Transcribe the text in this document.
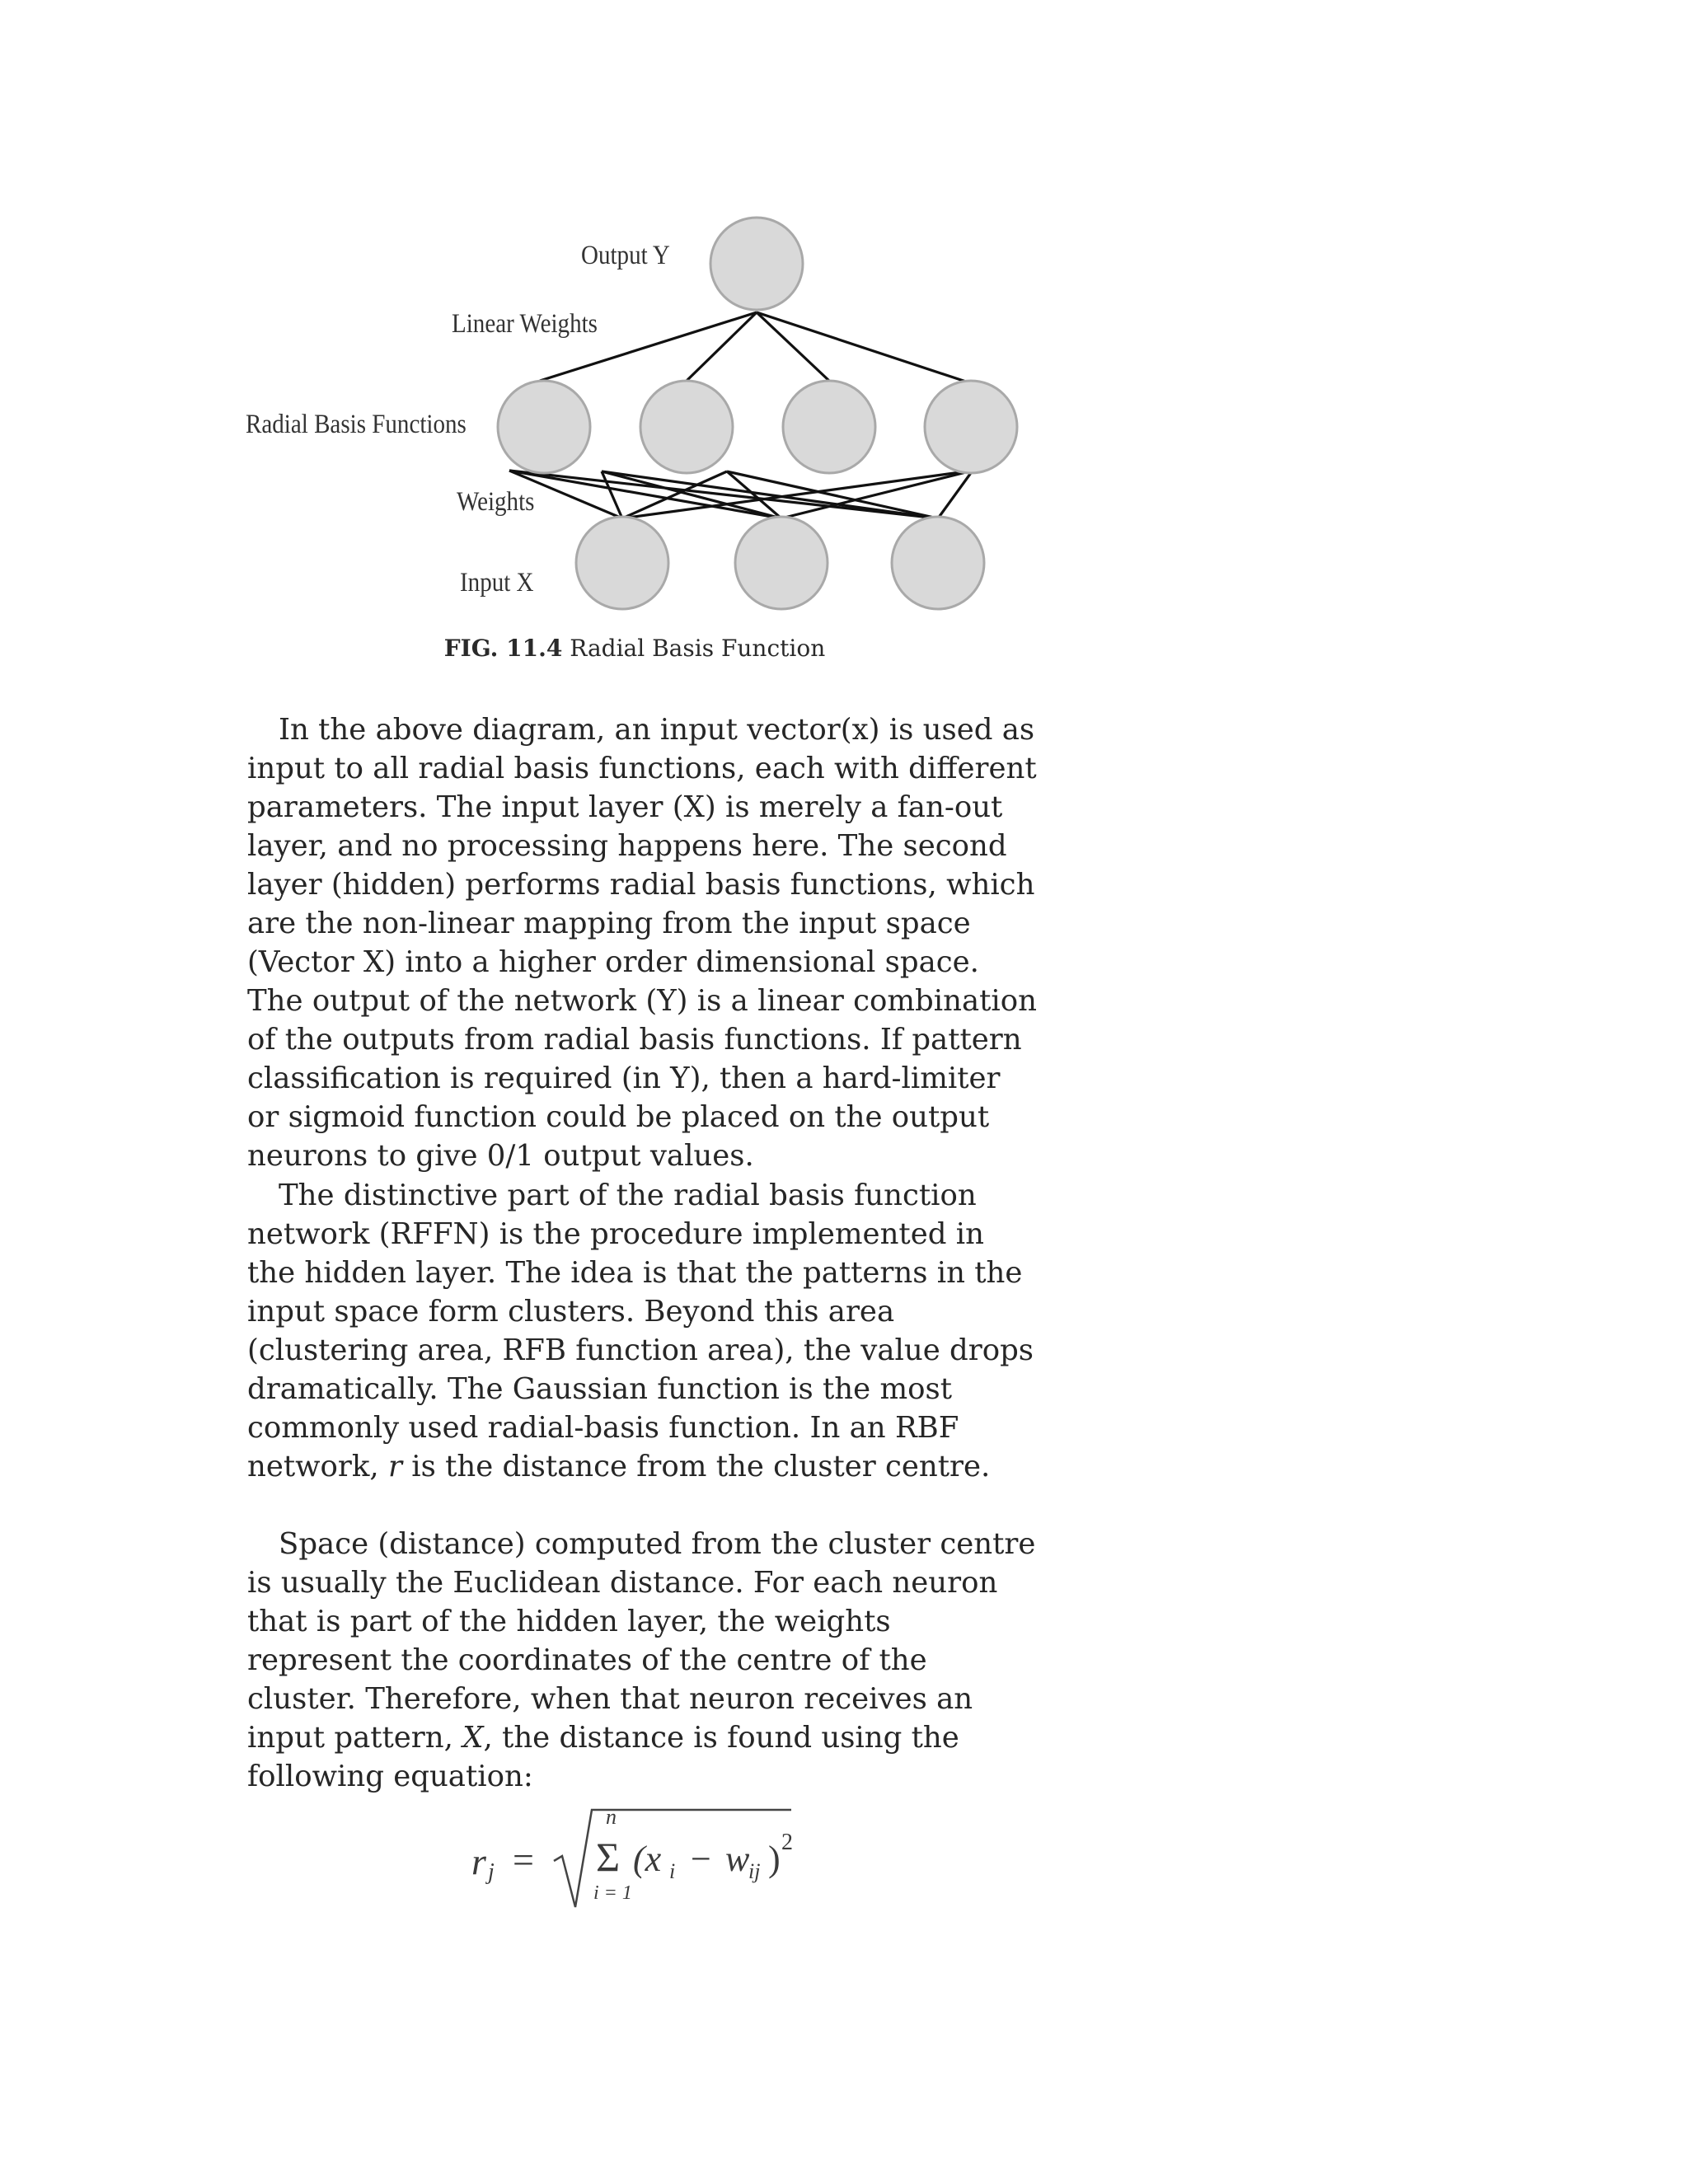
Output Y
Linear Weights
Radial Basis Functions
Weights
Input X
FIG. 11.4 Radial Basis Function

In the above diagram, an input vector(x) is used as input to all radial basis functions, each with different parameters. The input layer (X) is merely a fan-out layer, and no processing happens here. The second layer (hidden) performs radial basis functions, which are the non-linear mapping from the input space (Vector X) into a higher order dimensional space. The output of the network (Y) is a linear combination of the outputs from radial basis functions. If pattern classification is required (in Y), then a hard-limiter or sigmoid function could be placed on the output neurons to give 0/1 output values.

The distinctive part of the radial basis function network (RFFN) is the procedure implemented in the hidden layer. The idea is that the patterns in the input space form clusters. Beyond this area (clustering area, RFB function area), the value drops dramatically. The Gaussian function is the most commonly used radial-basis function. In an RBF network, r is the distance from the cluster centre.

Space (distance) computed from the cluster centre is usually the Euclidean distance. For each neuron that is part of the hidden layer, the weights represent the coordinates of the centre of the cluster. Therefore, when that neuron receives an input pattern, X, the distance is found using the following equation:

r j =
n
Σ
i = 1
(x i − w
ij ) 2
